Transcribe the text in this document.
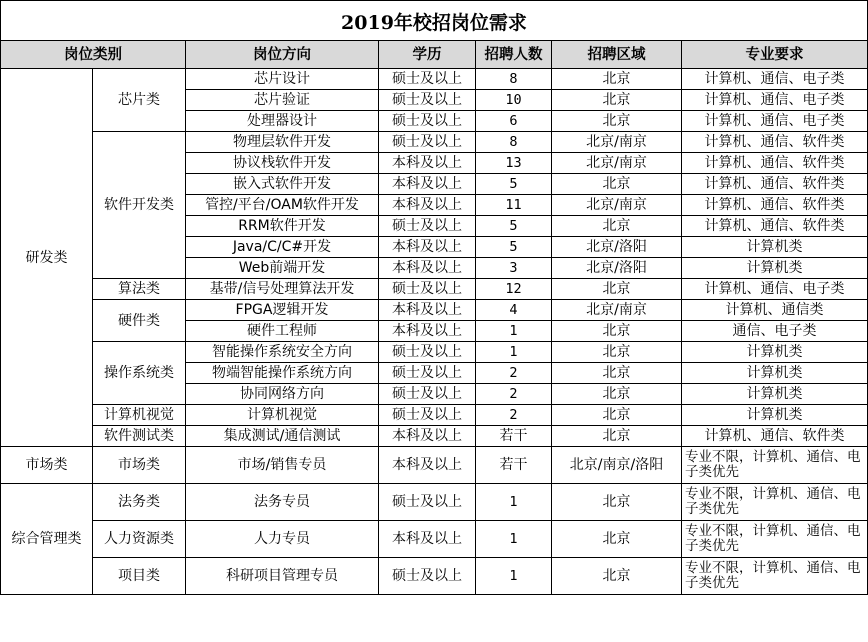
2019年校招岗位需求
岗位类别		岗位方向	学历	招聘人数	招聘区域	专业要求
研发类	芯片类	芯片设计	硕士及以上	8	北京	计算机、通信、电子类
		芯片验证	硕士及以上	10	北京	计算机、通信、电子类
		处理器设计	硕士及以上	6	北京	计算机、通信、电子类
	软件开发类	物理层软件开发	硕士及以上	8	北京/南京	计算机、通信、软件类
		协议栈软件开发	本科及以上	13	北京/南京	计算机、通信、软件类
		嵌入式软件开发	本科及以上	5	北京	计算机、通信、软件类
		管控/平台/OAM软件开发	本科及以上	11	北京/南京	计算机、通信、软件类
		RRM软件开发	硕士及以上	5	北京	计算机、通信、软件类
		Java/C/C#开发	本科及以上	5	北京/洛阳	计算机类
		Web前端开发	本科及以上	3	北京/洛阳	计算机类
	算法类	基带/信号处理算法开发	硕士及以上	12	北京	计算机、通信、电子类
	硬件类	FPGA逻辑开发	本科及以上	4	北京/南京	计算机、通信类
		硬件工程师	本科及以上	1	北京	通信、电子类
	操作系统类	智能操作系统安全方向	硕士及以上	1	北京	计算机类
		物端智能操作系统方向	硕士及以上	2	北京	计算机类
		协同网络方向	硕士及以上	2	北京	计算机类
	计算机视觉	计算机视觉	硕士及以上	2	北京	计算机类
	软件测试类	集成测试/通信测试	本科及以上	若干	北京	计算机、通信、软件类
市场类	市场类	市场/销售专员	本科及以上	若干	北京/南京/洛阳	专业不限，计算机、通信、电子类优先
综合管理类	法务类	法务专员	硕士及以上	1	北京	专业不限，计算机、通信、电子类优先
	人力资源类	人力专员	本科及以上	1	北京	专业不限，计算机、通信、电子类优先
	项目类	科研项目管理专员	硕士及以上	1	北京	专业不限，计算机、通信、电子类优先
